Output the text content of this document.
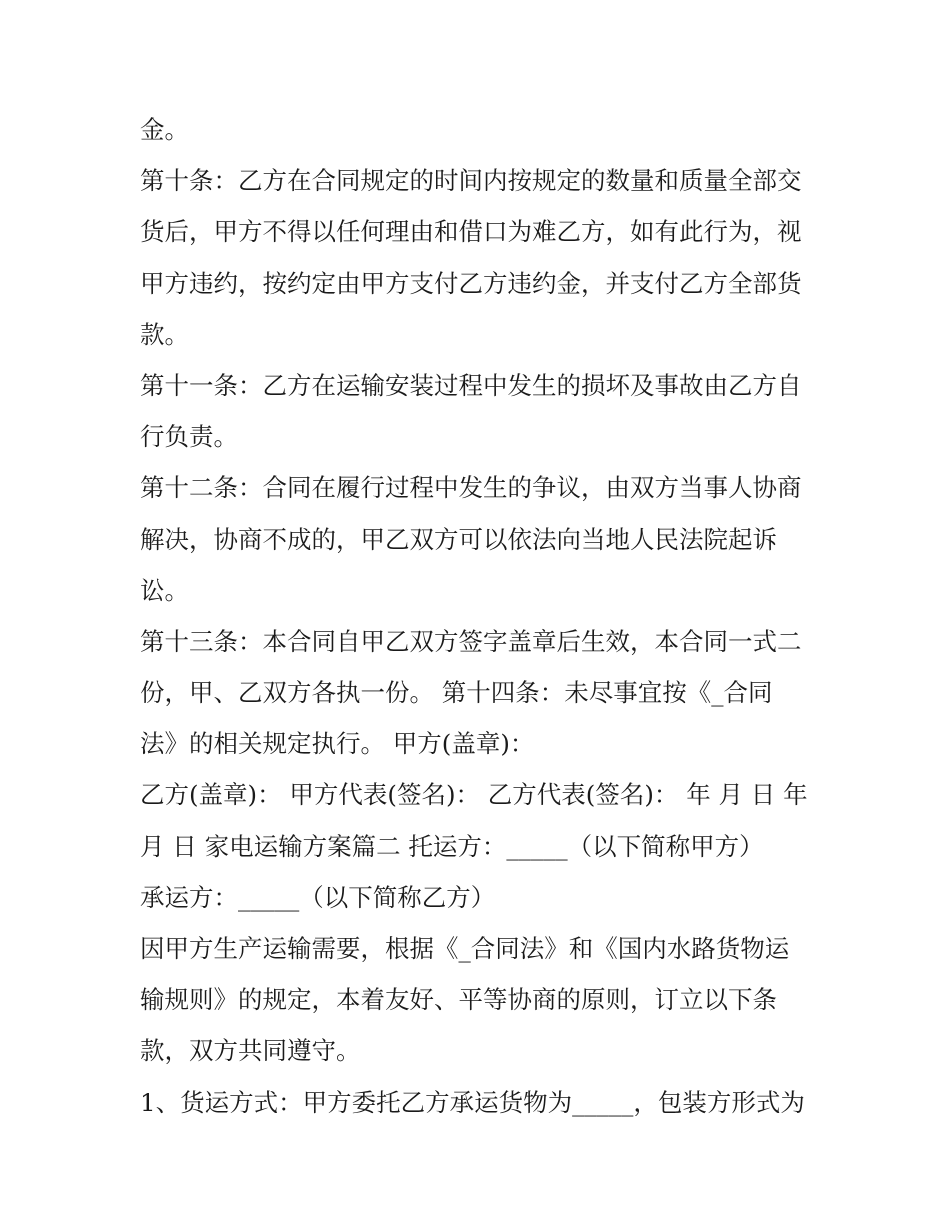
金。
第十条：乙方在合同规定的时间内按规定的数量和质量全部交
货后，甲方不得以任何理由和借口为难乙方，如有此行为，视
甲方违约，按约定由甲方支付乙方违约金，并支付乙方全部货
款。
第十一条：乙方在运输安装过程中发生的损坏及事故由乙方自
行负责。
第十二条：合同在履行过程中发生的争议，由双方当事人协商
解决，协商不成的，甲乙双方可以依法向当地人民法院起诉
讼。
第十三条：本合同自甲乙双方签字盖章后生效，本合同一式二
份，甲、乙双方各执一份。 第十四条：未尽事宜按《_合同
法》的相关规定执行。 甲方(盖章)：
乙方(盖章)： 甲方代表(签名)： 乙方代表(签名)： 年 月 日 年
月 日 家电运输方案篇二 托运方：_____（以下简称甲方）
承运方：_____（以下简称乙方）
因甲方生产运输需要，根据《_合同法》和《国内水路货物运
输规则》的规定，本着友好、平等协商的原则，订立以下条
款，双方共同遵守。
1、货运方式：甲方委托乙方承运货物为_____，包装方形式为
